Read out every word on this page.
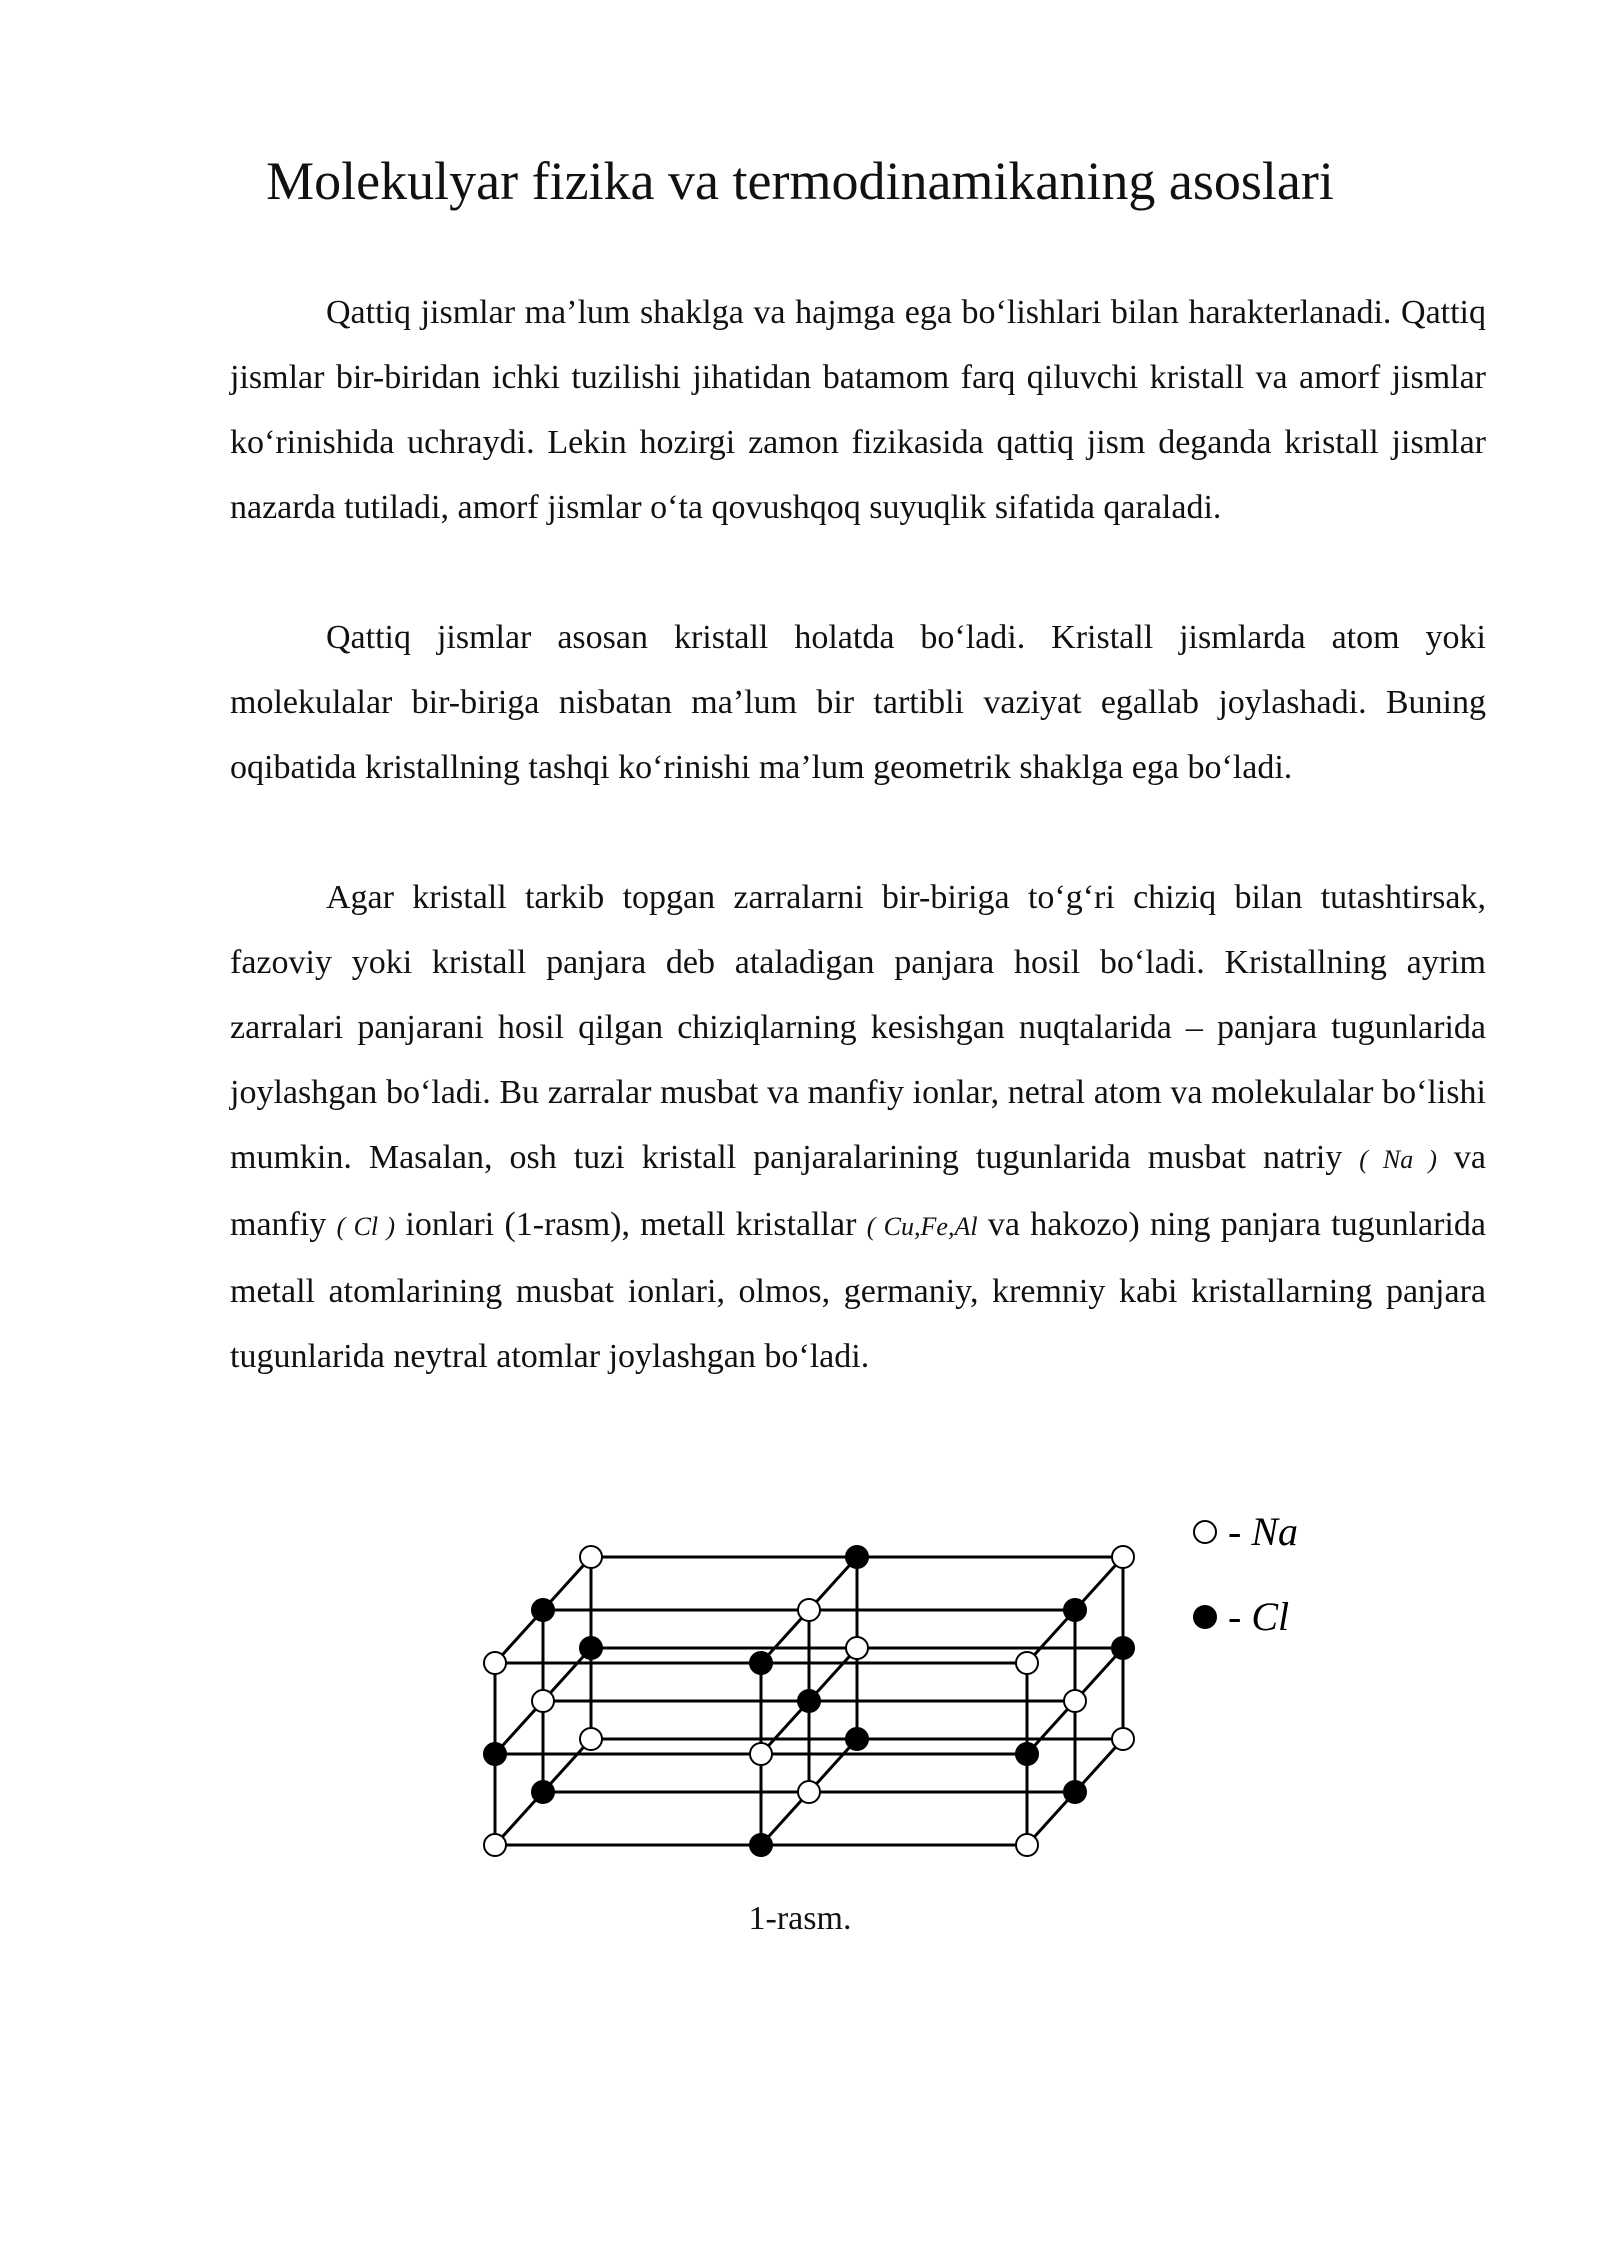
Molekulyar fizika va termodinamikaning asoslari

Qattiq jismlar ma’lum shaklga va hajmga ega bo‘lishlari bilan harakterlanadi. Qattiq jismlar bir-biridan ichki tuzilishi jihatidan batamom farq qiluvchi kristall va amorf jismlar ko‘rinishida uchraydi. Lekin hozirgi zamon fizikasida qattiq jism deganda kristall jismlar nazarda tutiladi, amorf jismlar o‘ta qovushqoq suyuqlik sifatida qaraladi.

Qattiq jismlar asosan kristall holatda bo‘ladi. Kristall jismlarda atom yoki molekulalar bir-biriga nisbatan ma’lum bir tartibli vaziyat egallab joylashadi. Buning oqibatida kristallning tashqi ko‘rinishi ma’lum geometrik shaklga ega bo‘ladi.

Agar kristall tarkib topgan zarralarni bir-biriga to‘g‘ri chiziq bilan tutashtirsak, fazoviy yoki kristall panjara deb ataladigan panjara hosil bo‘ladi. Kristallning ayrim zarralari panjarani hosil qilgan chiziqlarning kesishgan nuqtalarida – panjara tugunlarida joylashgan bo‘ladi. Bu zarralar musbat va manfiy ionlar, netral atom va molekulalar bo‘lishi mumkin. Masalan, osh tuzi kristall panjaralarining tugunlarida musbat natriy ( Na ) va manfiy ( Cl ) ionlari (1-rasm), metall kristallar ( Cu,Fe,Al va hakozo) ning panjara tugunlarida metall atomlarining musbat ionlari, olmos, germaniy, kremniy kabi kristallarning panjara tugunlarida neytral atomlar joylashgan bo‘ladi.

- Na
- Cl
1-rasm.
